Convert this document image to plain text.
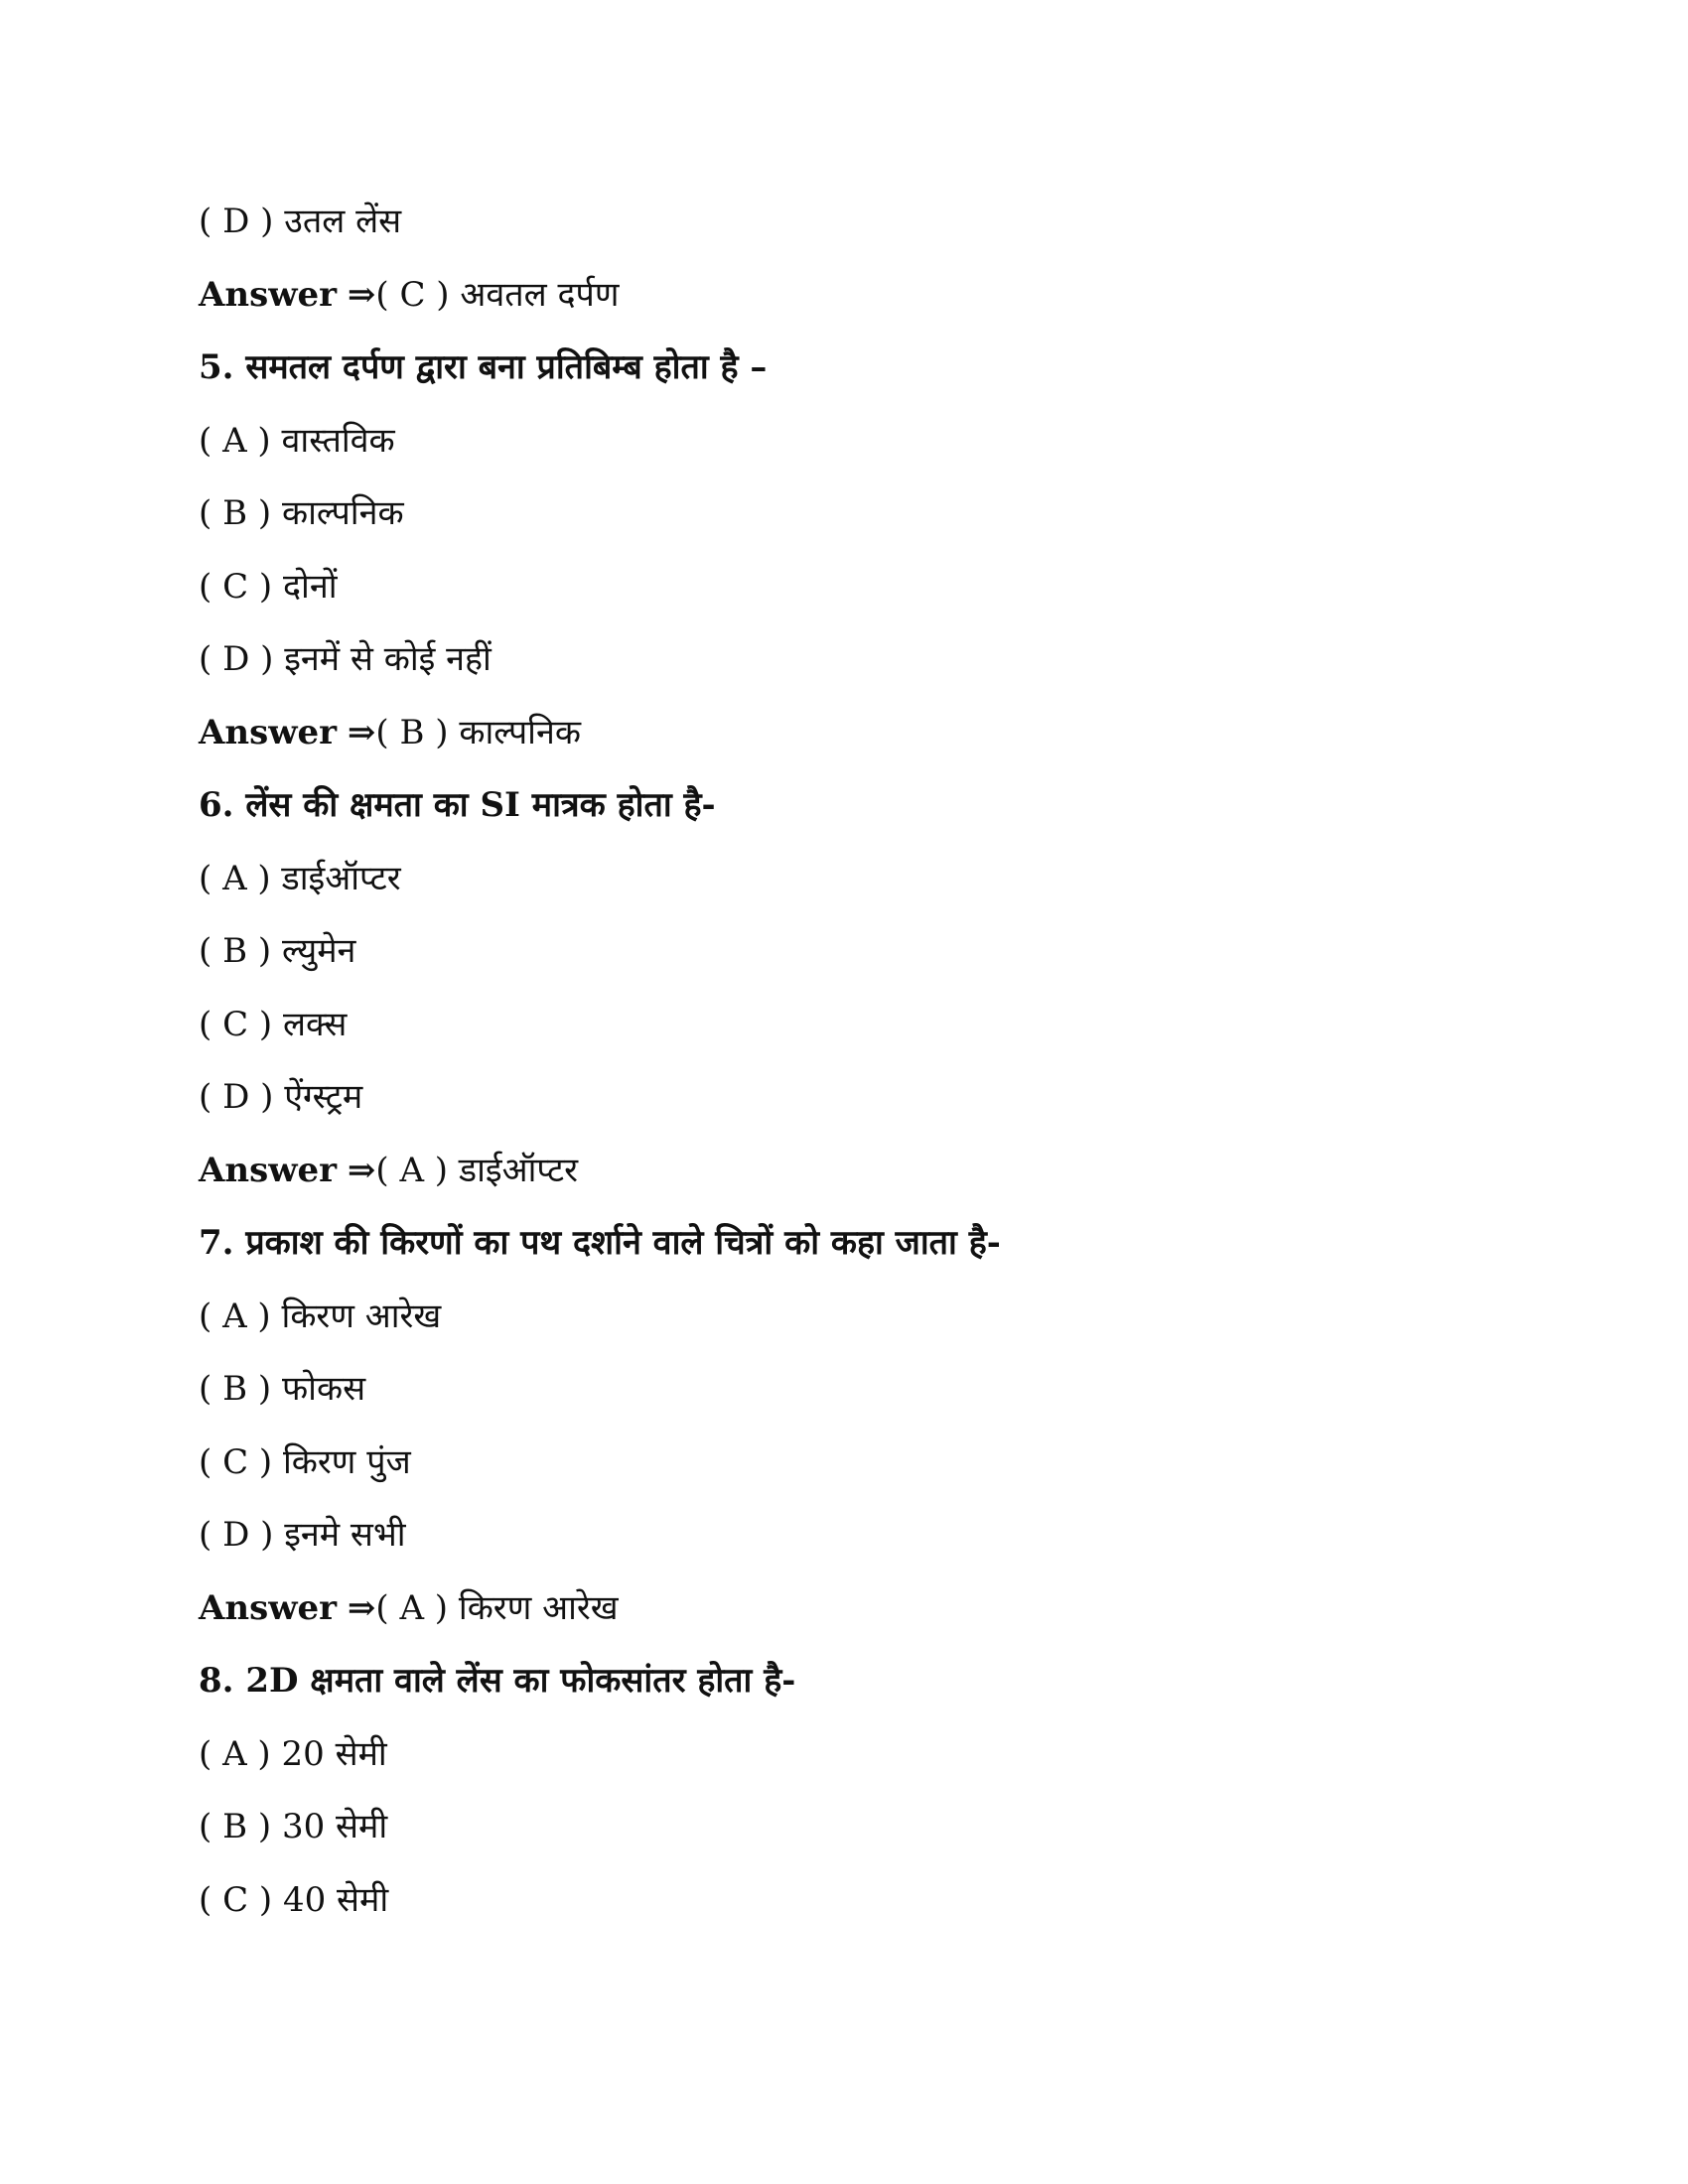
( D ) उतल लेंस
Answer ⇒( C ) अवतल दर्पण
5. समतल दर्पण द्वारा बना प्रतिबिम्ब होता है –
( A ) वास्तविक
( B ) काल्पनिक
( C ) दोनों
( D ) इनमें से कोई नहीं
Answer ⇒( B ) काल्पनिक
6. लेंस की क्षमता का SI मात्रक होता है-
( A ) डाईऑप्टर
( B ) ल्युमेन
( C ) लक्स
( D ) ऐंग्स्ट्रम
Answer ⇒( A ) डाईऑप्टर
7. प्रकाश की किरणों का पथ दर्शाने वाले चित्रों को कहा जाता है-
( A ) किरण आरेख
( B ) फोकस
( C ) किरण पुंज
( D ) इनमे सभी
Answer ⇒( A ) किरण आरेख
8. 2D क्षमता वाले लेंस का फोकसांतर होता है-
( A ) 20 सेमी
( B ) 30 सेमी
( C ) 40 सेमी
